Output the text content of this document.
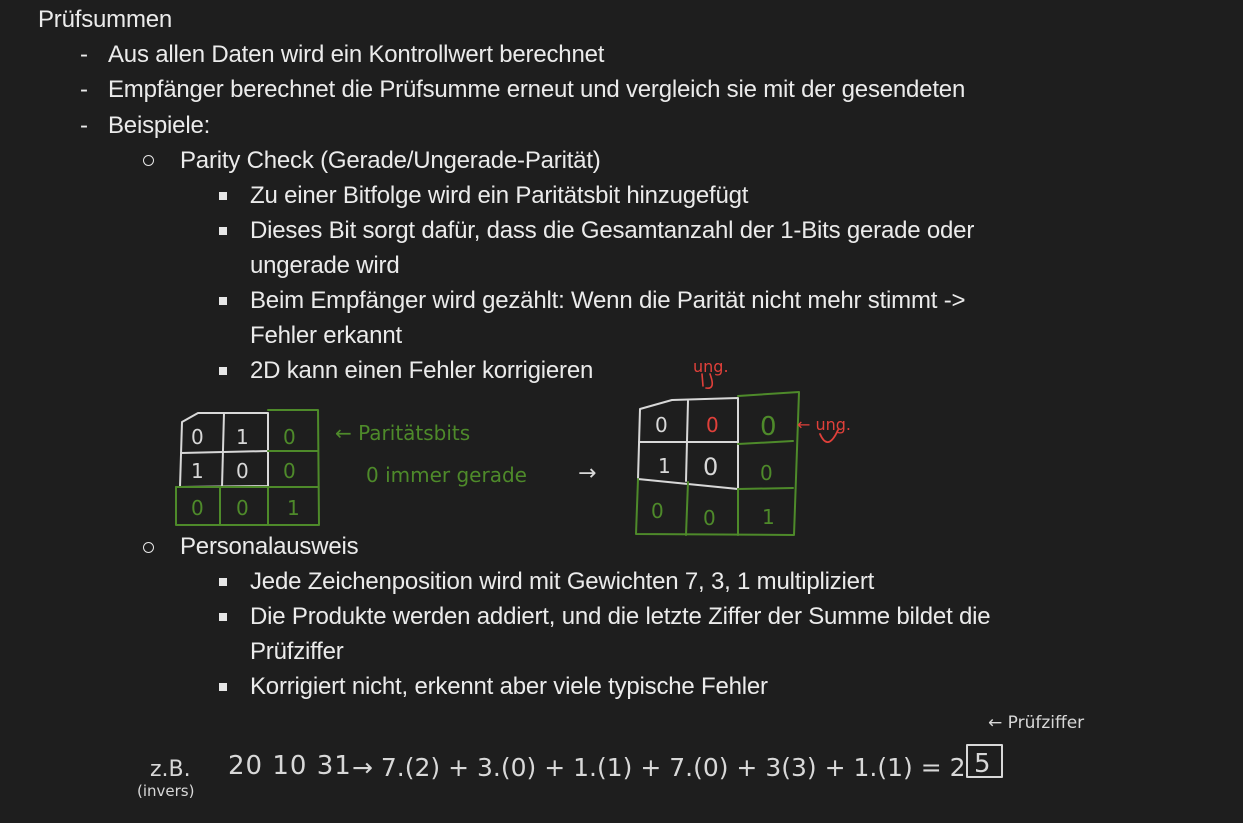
Prüfsummen
- Aus allen Daten wird ein Kontrollwert berechnet
- Empfänger berechnet die Prüfsumme erneut und vergleich sie mit der gesendeten
- Beispiele:
Parity Check (Gerade/Ungerade-Parität)
Zu einer Bitfolge wird ein Paritätsbit hinzugefügt
Dieses Bit sorgt dafür, dass die Gesamtanzahl der 1-Bits gerade oder
ungerade wird
Beim Empfänger wird gezählt: Wenn die Parität nicht mehr stimmt ->
Fehler erkannt
2D kann einen Fehler korrigieren
Personalausweis
Jede Zeichenposition wird mit Gewichten 7, 3, 1 multipliziert
Die Produkte werden addiert, und die letzte Ziffer der Summe bildet die
Prüfziffer
Korrigiert nicht, erkennt aber viele typische Fehler
0 1 0
1 0 0
0 0 1
← Paritätsbits
0 immer gerade →
0 0 0
1 0 0
0 0 1
ung.
← ung.
z.B.
(invers)
20 10 31 → 7.(2) + 3.(0) + 1.(1) + 7.(0) + 3(3) + 1.(1) = 2 5
← Prüfziffer
